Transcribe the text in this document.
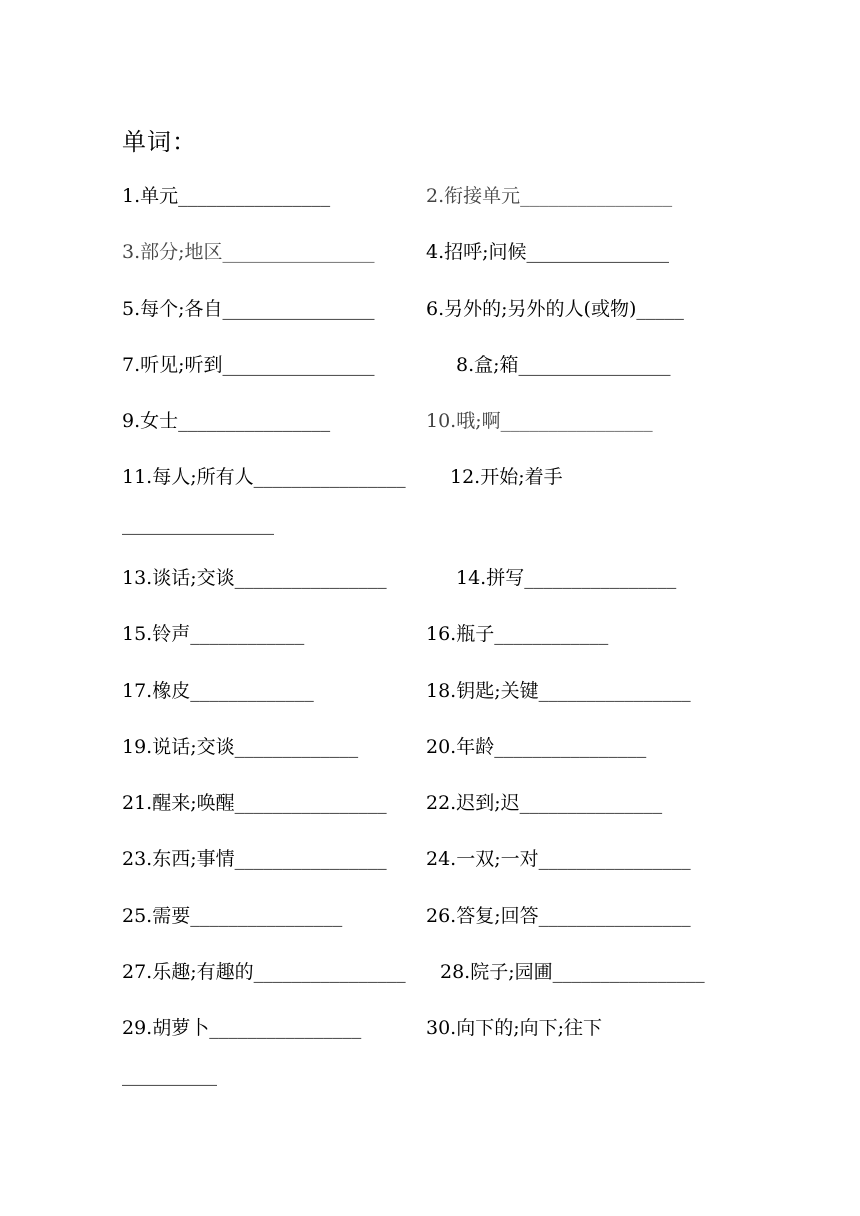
单词：
1.单元________________	2.衔接单元________________
3.部分;地区________________	4.招呼;问候_______________
5.每个;各自________________	6.另外的;另外的人(或物)_____
7.听见;听到________________	8.盒;箱________________
9.女士________________	10.哦;啊________________
11.每人;所有人________________ 12.开始;着手
________________
13.谈话;交谈________________	14.拼写________________
15.铃声____________	16.瓶子____________
17.橡皮_____________	18.钥匙;关键________________
19.说话;交谈_____________	20.年龄________________
21.醒来;唤醒________________ 22.迟到;迟_______________
23.东西;事情________________ 24.一双;一对________________
25.需要________________	26.答复;回答________________
27.乐趣;有趣的________________ 28.院子;园圃________________
29.胡萝卜________________	30.向下的;向下;往下
__________
